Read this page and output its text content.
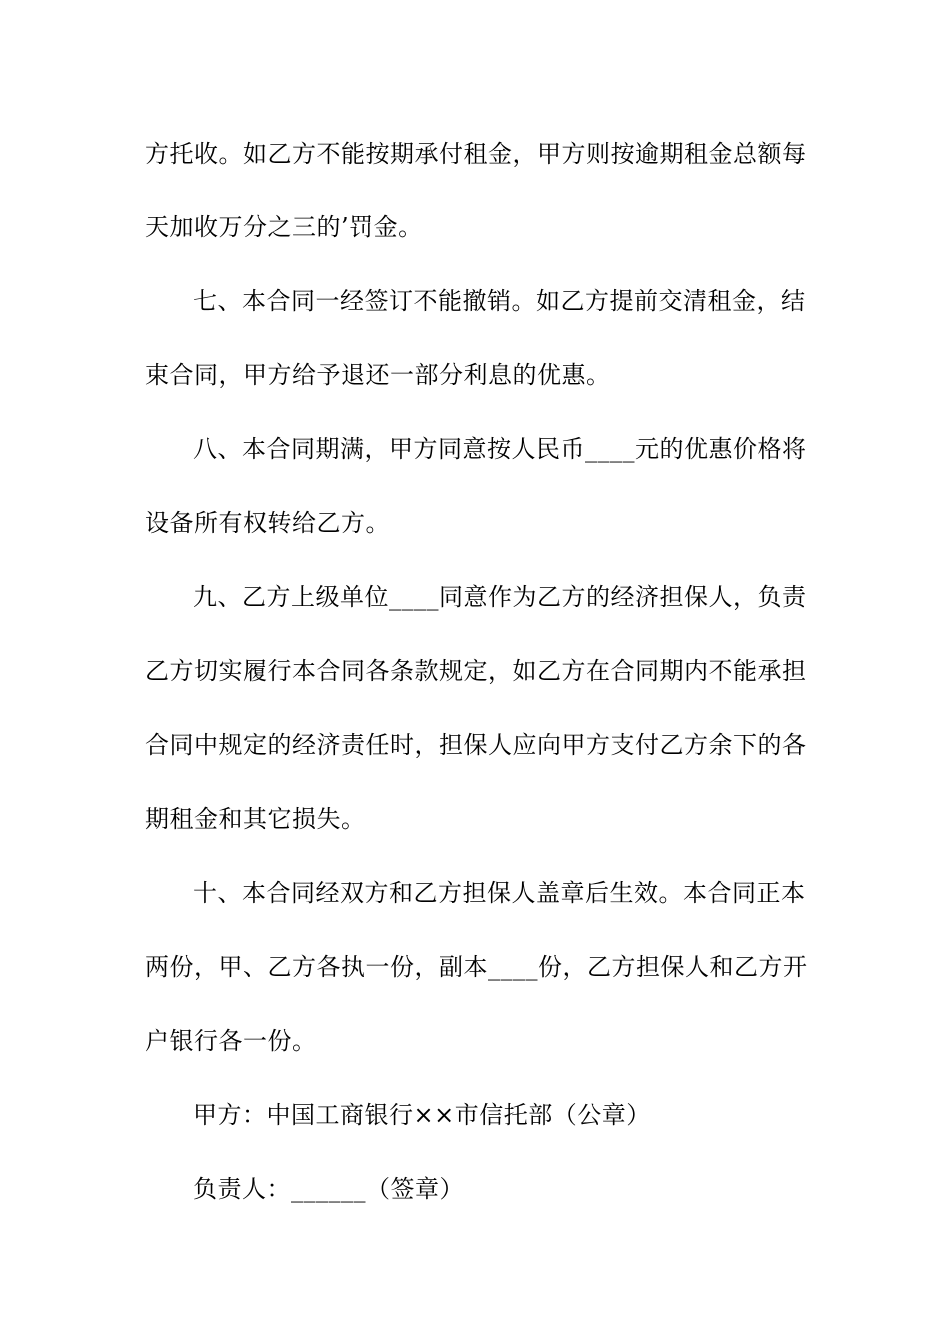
方托收。如乙方不能按期承付租金，甲方则按逾期租金总额每
天加收万分之三的’罚金。
七、本合同一经签订不能撤销。如乙方提前交清租金，结
束合同，甲方给予退还一部分利息的优惠。
八、本合同期满，甲方同意按人民币____元的优惠价格将
设备所有权转给乙方。
九、乙方上级单位____同意作为乙方的经济担保人，负责
乙方切实履行本合同各条款规定，如乙方在合同期内不能承担
合同中规定的经济责任时，担保人应向甲方支付乙方余下的各
期租金和其它损失。
十、本合同经双方和乙方担保人盖章后生效。本合同正本
两份，甲、乙方各执一份，副本____份，乙方担保人和乙方开
户银行各一份。
甲方：中国工商银行××市信托部（公章）
负责人：______（签章）
